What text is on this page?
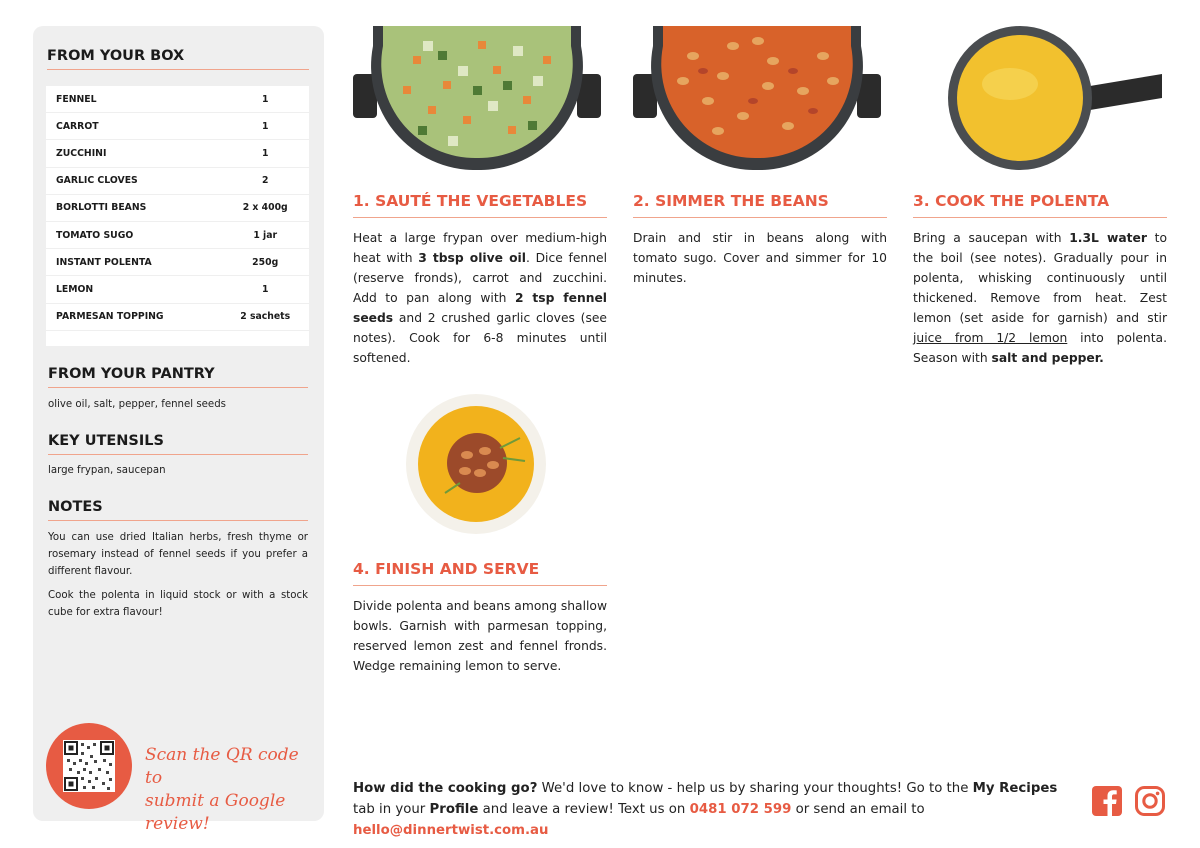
FROM YOUR BOX
FENNEL	1
CARROT	1
ZUCCHINI	1
GARLIC CLOVES	2
BORLOTTI BEANS	2 x 400g
TOMATO SUGO	1 jar
INSTANT POLENTA	250g
LEMON	1
PARMESAN TOPPING	2 sachets
FROM YOUR PANTRY
olive oil, salt, pepper, fennel seeds
KEY UTENSILS
large frypan, saucepan
NOTES
You can use dried Italian herbs, fresh thyme or rosemary instead of fennel seeds if you prefer a different flavour.
Cook the polenta in liquid stock or with a stock cube for extra flavour!
Scan the QR code to
submit a Google review!
1. SAUTÉ THE VEGETABLES
Heat a large frypan over medium-high heat with 3 tbsp olive oil. Dice fennel (reserve fronds), carrot and zucchini. Add to pan along with 2 tsp fennel seeds and 2 crushed garlic cloves (see notes). Cook for 6-8 minutes until softened.
2. SIMMER THE BEANS
Drain and stir in beans along with tomato sugo. Cover and simmer for 10 minutes.
3. COOK THE POLENTA
Bring a saucepan with 1.3L water to the boil (see notes). Gradually pour in polenta, whisking continuously until thickened. Remove from heat. Zest lemon (set aside for garnish) and stir juice from 1/2 lemon into polenta. Season with salt and pepper.
4. FINISH AND SERVE
Divide polenta and beans among shallow bowls. Garnish with parmesan topping, reserved lemon zest and fennel fronds. Wedge remaining lemon to serve.
How did the cooking go? We'd love to know - help us by sharing your thoughts! Go to the My Recipes tab in your Profile and leave a review! Text us on 0481 072 599 or send an email to hello@dinnertwist.com.au
